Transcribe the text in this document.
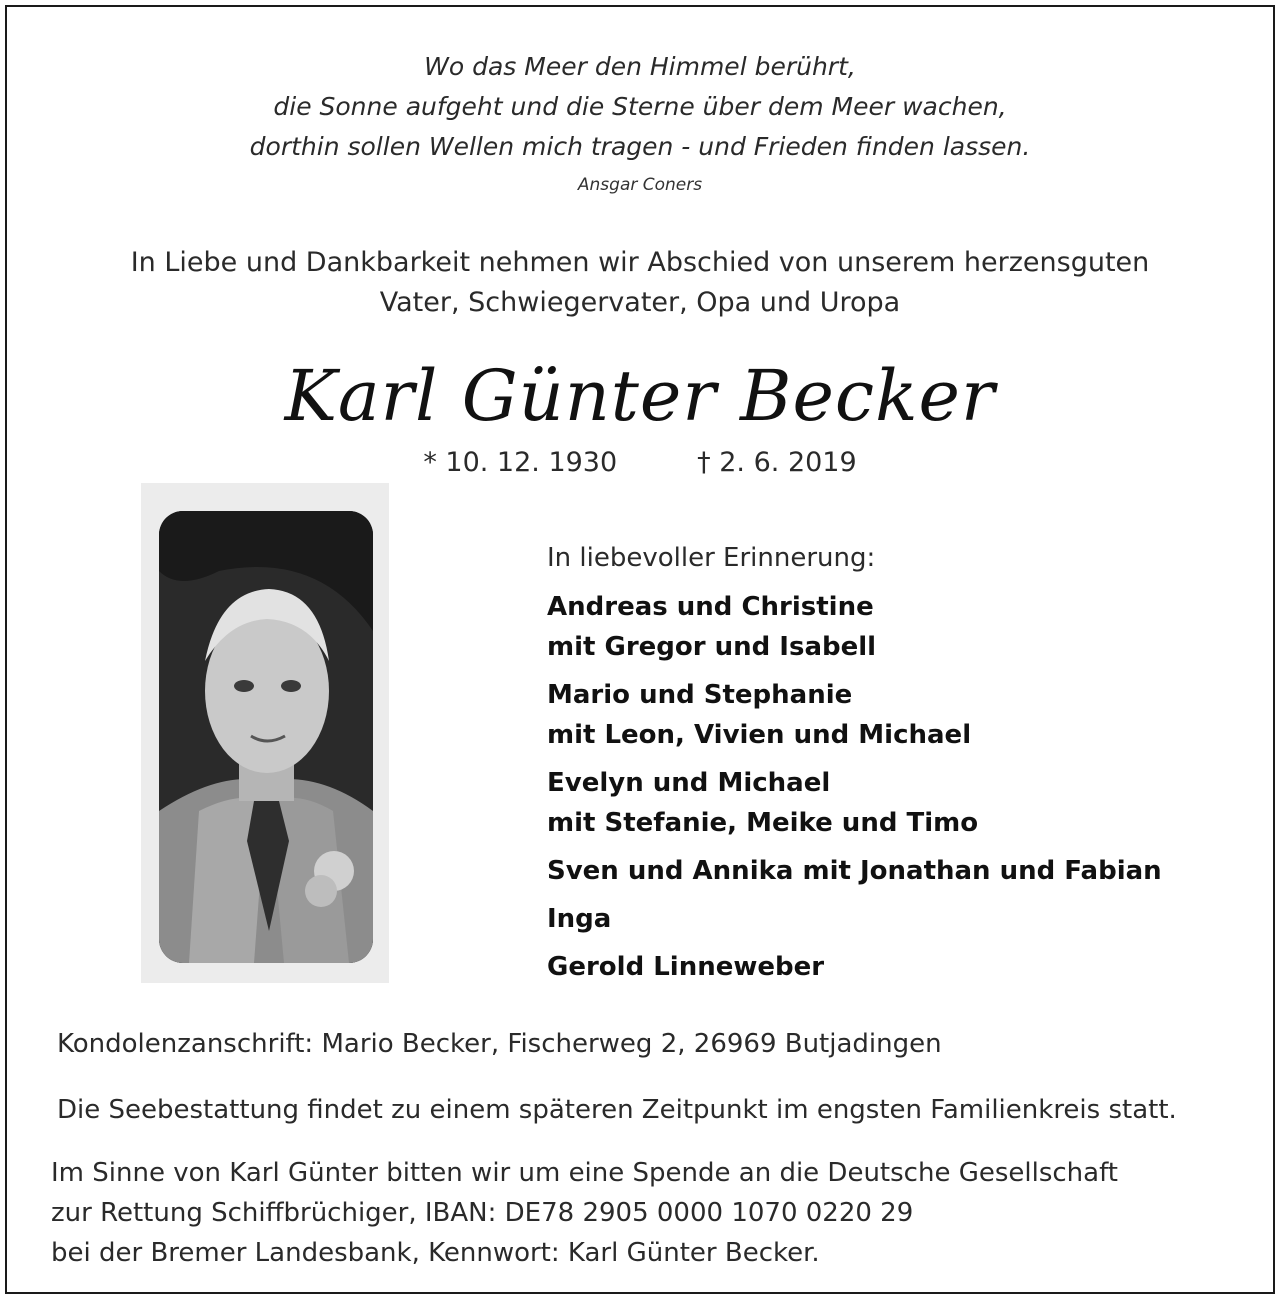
Wo das Meer den Himmel berührt,
die Sonne aufgeht und die Sterne über dem Meer wachen,
dorthin sollen Wellen mich tragen - und Frieden finden lassen.
Ansgar Coners
In Liebe und Dankbarkeit nehmen wir Abschied von unserem herzensguten
Vater, Schwiegervater, Opa und Uropa
Karl Günter Becker
* 10. 12. 1930	† 2. 6. 2019
In liebevoller Erinnerung:
Andreas und Christine
mit Gregor und Isabell
Mario und Stephanie
mit Leon, Vivien und Michael
Evelyn und Michael
mit Stefanie, Meike und Timo
Sven und Annika mit Jonathan und Fabian
Inga
Gerold Linneweber
Kondolenzanschrift: Mario Becker, Fischerweg 2, 26969 Butjadingen
Die Seebestattung findet zu einem späteren Zeitpunkt im engsten Familienkreis statt.
Im Sinne von Karl Günter bitten wir um eine Spende an die Deutsche Gesellschaft
zur Rettung Schiffbrüchiger, IBAN: DE78 2905 0000 1070 0220 29
bei der Bremer Landesbank, Kennwort: Karl Günter Becker.
